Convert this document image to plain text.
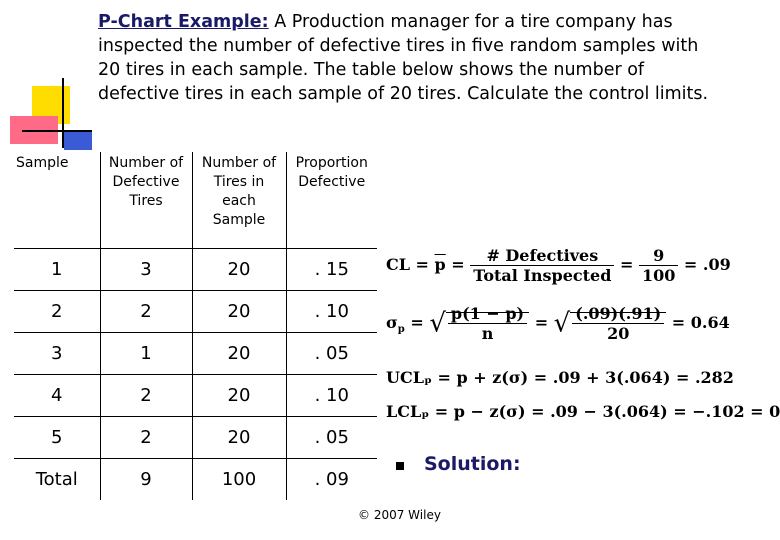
P-Chart Example: A Production manager for a tire company has inspected the number of defective tires in five random samples with 20 tires in each sample. The table below shows the number of defective tires in each sample of 20 tires. Calculate the control limits.
Sample	Number of Defective Tires	Number of Tires in each Sample	Proportion Defective
1	3	20	. 15
2	2	20	. 10
3	1	20	. 05
4	2	20	. 10
5	2	20	. 05
Total	9	100	. 09
CL = $\overline{p} = \frac{\text{\# Defectives}}{\text{Total Inspected}} = \frac{9}{100} = .09$
$\sigma_p$ = √ $\frac{p(1 - p)}{n}$ = √ $\frac{(.09)(.91)}{20} = 0.64$
UCLₚ = p + z(σ) = .09 + 3(.064) = .282
LCLₚ = p − z(σ) = .09 − 3(.064) = −.102 = 0
Solution:
© 2007 Wiley
